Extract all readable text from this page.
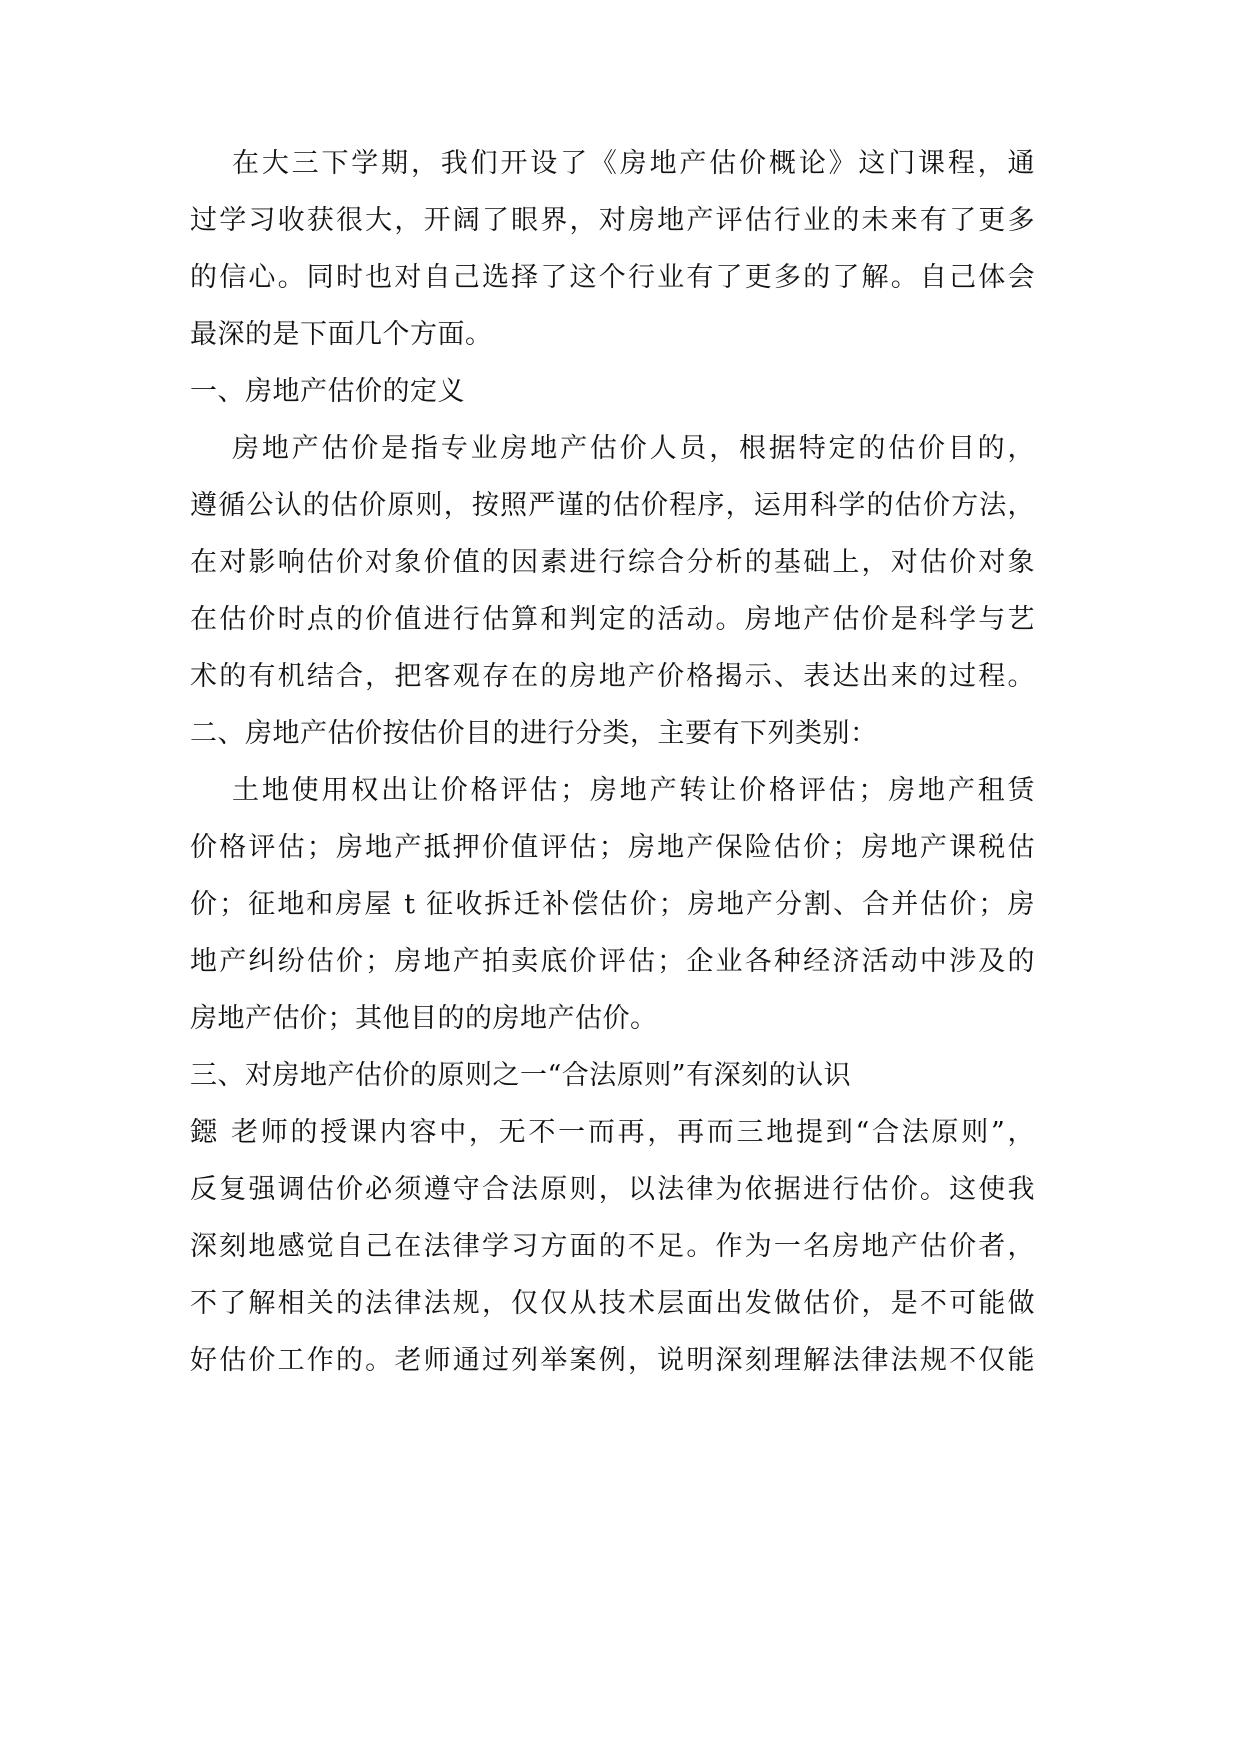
在大三下学期，我们开设了《房地产估价概论》这门课程，通
过学习收获很大，开阔了眼界，对房地产评估行业的未来有了更多
的信心。同时也对自己选择了这个行业有了更多的了解。自己体会
最深的是下面几个方面。
一、房地产估价的定义
房地产估价是指专业房地产估价人员，根据特定的估价目的，
遵循公认的估价原则，按照严谨的估价程序，运用科学的估价方法，
在对影响估价对象价值的因素进行综合分析的基础上，对估价对象
在估价时点的价值进行估算和判定的活动。房地产估价是科学与艺
术的有机结合，把客观存在的房地产价格揭示、表达出来的过程。
二、房地产估价按估价目的进行分类，主要有下列类别：
土地使用权出让价格评估；房地产转让价格评估；房地产租赁
价格评估；房地产抵押价值评估；房地产保险估价；房地产课税估
价；征地和房屋 t 征收拆迁补偿估价；房地产分割、合并估价；房
地产纠纷估价；房地产拍卖底价评估；企业各种经济活动中涉及的
房地产估价；其他目的的房地产估价。
三、对房地产估价的原则之一“合法原则”有深刻的认识
鐚 老师的授课内容中，无不一而再，再而三地提到“合法原则”，
反复强调估价必须遵守合法原则，以法律为依据进行估价。这使我
深刻地感觉自己在法律学习方面的不足。作为一名房地产估价者，
不了解相关的法律法规，仅仅从技术层面出发做估价，是不可能做
好估价工作的。老师通过列举案例，说明深刻理解法律法规不仅能
